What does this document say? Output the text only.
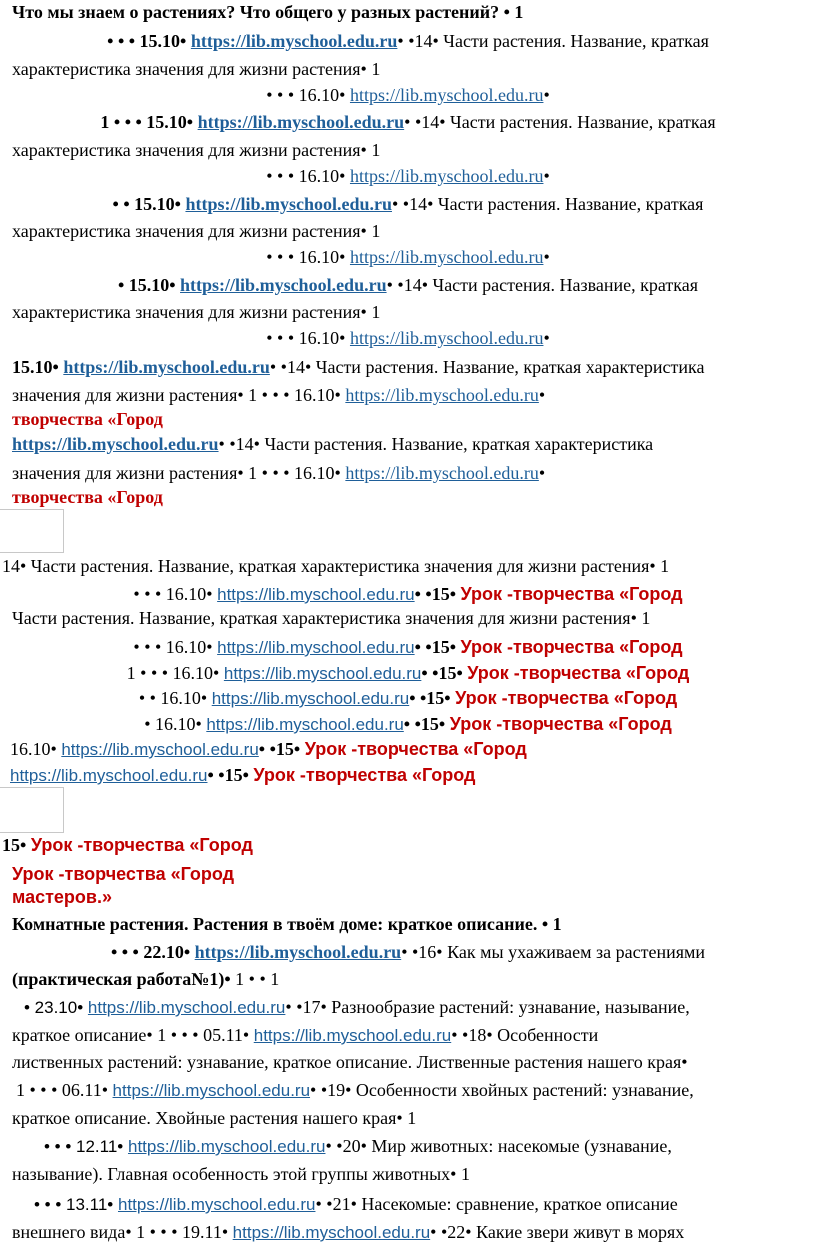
Что мы знаем о растениях? Что общего у разных растений? • 1
• • • 15.10• https://lib.myschool.edu.ru• •14• Части растения. Название, краткая
характеристика значения для жизни растения• 1
• • • 16.10• https://lib.myschool.edu.ru•
1 • • • 15.10• https://lib.myschool.edu.ru• •14• Части растения. Название, краткая
характеристика значения для жизни растения• 1
• • • 16.10• https://lib.myschool.edu.ru•
• • 15.10• https://lib.myschool.edu.ru• •14• Части растения. Название, краткая
характеристика значения для жизни растения• 1
• • • 16.10• https://lib.myschool.edu.ru•
• 15.10• https://lib.myschool.edu.ru• •14• Части растения. Название, краткая
характеристика значения для жизни растения• 1
• • • 16.10• https://lib.myschool.edu.ru•
15.10• https://lib.myschool.edu.ru• •14• Части растения. Название, краткая характеристика
значения для жизни растения• 1 • • • 16.10• https://lib.myschool.edu.ru•
творчества «Город
https://lib.myschool.edu.ru• •14• Части растения. Название, краткая характеристика
значения для жизни растения• 1 • • • 16.10• https://lib.myschool.edu.ru•
творчества «Город
14• Части растения. Название, краткая характеристика значения для жизни растения• 1
• • • 16.10• https://lib.myschool.edu.ru• •15• Урок -творчества «Город
Части растения. Название, краткая характеристика значения для жизни растения• 1
• • • 16.10• https://lib.myschool.edu.ru• •15• Урок -творчества «Город
1 • • • 16.10• https://lib.myschool.edu.ru• •15• Урок -творчества «Город
• • 16.10• https://lib.myschool.edu.ru• •15• Урок -творчества «Город
• 16.10• https://lib.myschool.edu.ru• •15• Урок -творчества «Город
16.10• https://lib.myschool.edu.ru• •15• Урок -творчества «Город
https://lib.myschool.edu.ru• •15• Урок -творчества «Город
15• Урок -творчества «Город
Урок -творчества «Город
мастеров.»
Комнатные растения. Растения в твоём доме: краткое описание. • 1
• • • 22.10• https://lib.myschool.edu.ru• •16• Как мы ухаживаем за растениями
(практическая работа№1)• 1 • • 1
• 23.10• https://lib.myschool.edu.ru• •17• Разнообразие растений: узнавание, называние,
краткое описание• 1 • • • 05.11• https://lib.myschool.edu.ru• •18• Особенности
лиственных растений: узнавание, краткое описание. Лиственные растения нашего края•
1 • • • 06.11• https://lib.myschool.edu.ru• •19• Особенности хвойных растений: узнавание,
краткое описание. Хвойные растения нашего края• 1
• • • 12.11• https://lib.myschool.edu.ru• •20• Мир животных: насекомые (узнавание,
называние). Главная особенность этой группы животных• 1
• • • 13.11• https://lib.myschool.edu.ru• •21• Насекомые: сравнение, краткое описание
внешнего вида• 1 • • • 19.11• https://lib.myschool.edu.ru• •22• Какие звери живут в морях
